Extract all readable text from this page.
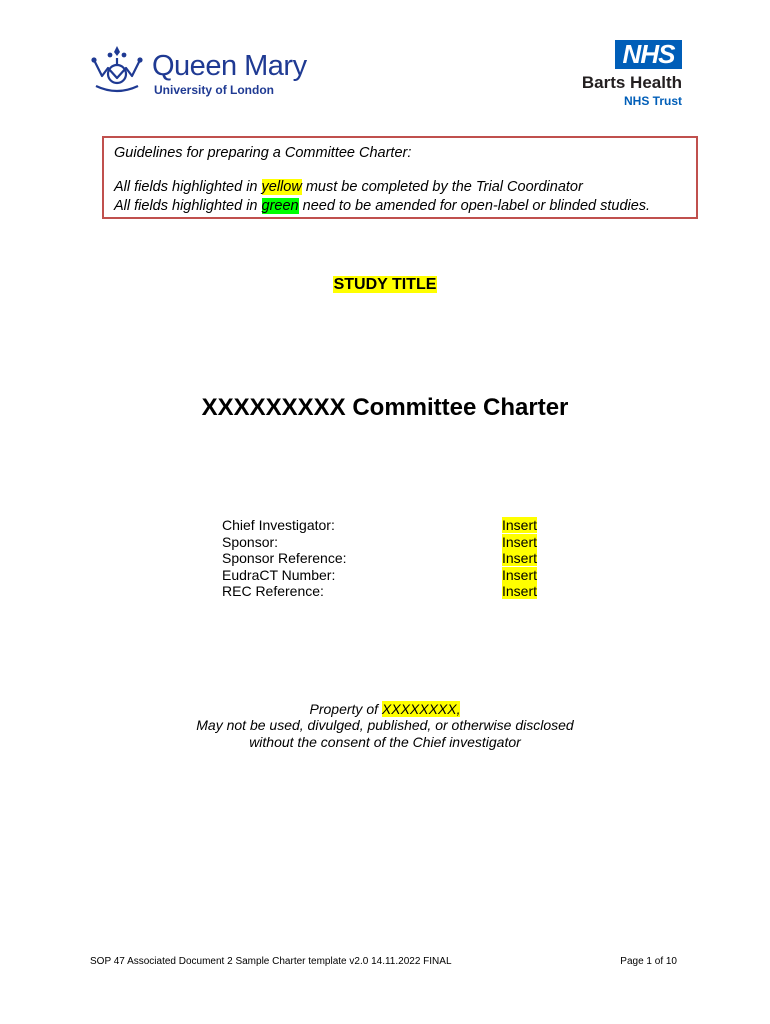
Queen Mary
University of London
NHS
Barts Health
NHS Trust
Guidelines for preparing a Committee Charter:
All fields highlighted in yellow must be completed by the Trial Coordinator
All fields highlighted in green need to be amended for open-label or blinded studies.
STUDY TITLE
XXXXXXXXX Committee Charter
Chief Investigator:	Insert
Sponsor:	Insert
Sponsor Reference:	Insert
EudraCT Number:	Insert
REC Reference:	Insert
Property of XXXXXXXX,
May not be used, divulged, published, or otherwise disclosed
without the consent of the Chief investigator
SOP 47 Associated Document 2 Sample Charter template v2.0 14.11.2022 FINAL	Page 1 of 10
